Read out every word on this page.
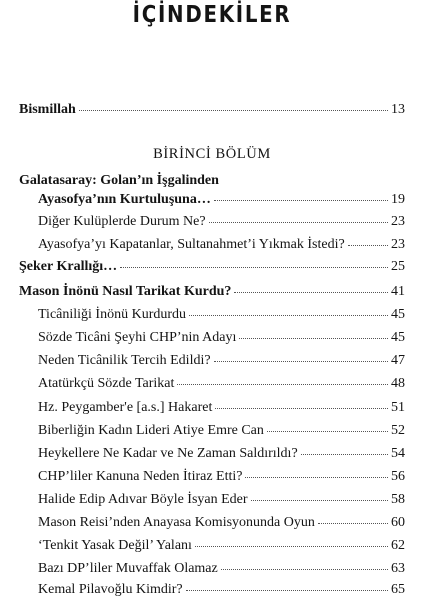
İÇİNDEKİLER
Bismillah	13
BİRİNCİ BÖLÜM
Galatasaray: Golan’ın İşgalinden
Ayasofya’nın Kurtuluşuna…	19
Diğer Kulüplerde Durum Ne?	23
Ayasofya’yı Kapatanlar, Sultanahmet’i Yıkmak İstedi?	23
Şeker Krallığı…	25
Mason İnönü Nasıl Tarikat Kurdu?	41
Ticâniliği İnönü Kurdurdu	45
Sözde Ticâni Şeyhi CHP’nin Adayı	45
Neden Ticânilik Tercih Edildi?	47
Atatürkçü Sözde Tarikat	48
Hz. Peygamber'e [a.s.] Hakaret	51
Biberliğin Kadın Lideri Atiye Emre Can	52
Heykellere Ne Kadar ve Ne Zaman Saldırıldı?	54
CHP’liler Kanuna Neden İtiraz Etti?	56
Halide Edip Adıvar Böyle İsyan Eder	58
Mason Reisi’nden Anayasa Komisyonunda Oyun	60
‘Tenkit Yasak Değil’ Yalanı	62
Bazı DP’liler Muvaffak Olamaz	63
Kemal Pilavoğlu Kimdir?	65
